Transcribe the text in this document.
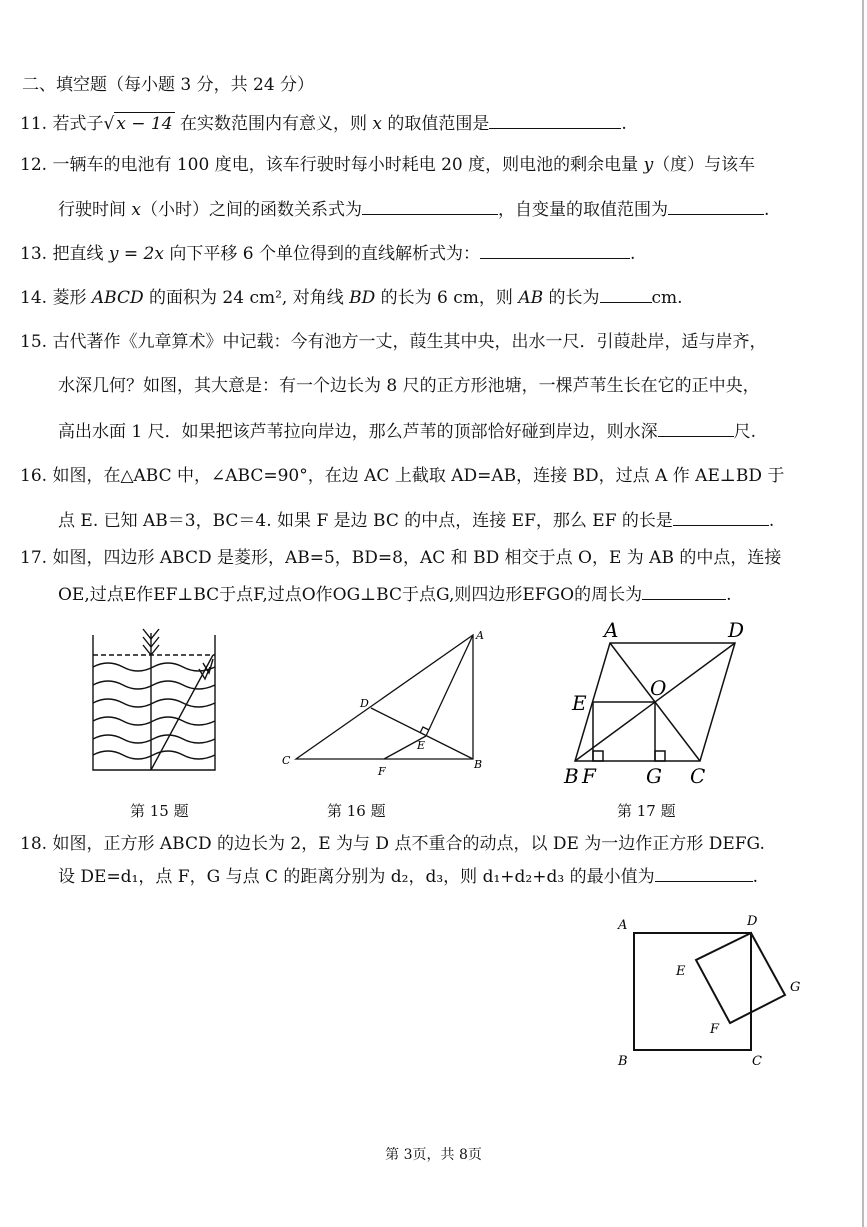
二、填空题（每小题 3 分，共 24 分）
11. 若式子√ x − 14 在实数范围内有意义，则 x 的取值范围是	.
12. 一辆车的电池有 100 度电，该车行驶时每小时耗电 20 度，则电池的剩余电量 y（度）与该车
行驶时间 x（小时）之间的函数关系式为	，自变量的取值范围为	.
13. 把直线 y = 2x 向下平移 6 个单位得到的直线解析式为：	.
14. 菱形 ABCD 的面积为 24 cm², 对角线 BD 的长为 6 cm，则 AB 的长为	cm.
15. 古代著作《九章算术》中记载：今有池方一丈，葭生其中央，出水一尺．引葭赴岸，适与岸齐，
水深几何？如图，其大意是：有一个边长为 8 尺的正方形池塘，一棵芦苇生长在它的正中央，
高出水面 1 尺．如果把该芦苇拉向岸边，那么芦苇的顶部恰好碰到岸边，则水深	尺.
16. 如图，在△ABC 中，∠ABC=90°，在边 AC 上截取 AD=AB，连接 BD，过点 A 作 AE⊥BD 于
点 E. 已知 AB＝3，BC＝4. 如果 F 是边 BC 的中点，连接 EF，那么 EF 的长是	.
17. 如图，四边形 ABCD 是菱形，AB=5，BD=8，AC 和 BD 相交于点 O，E 为 AB 的中点，连接
OE,过点E作EF⊥BC于点F,过点O作OG⊥BC于点G,则四边形EFGO的周长为	.
第 15 题
A
B
C
D
E
F
第 16 题
A	D
E
O
B F	G C
第 17 题
18. 如图，正方形 ABCD 的边长为 2，E 为与 D 点不重合的动点，以 DE 为一边作正方形 DEFG.
设 DE=d₁，点 F，G 与点 C 的距离分别为 d₂，d₃，则 d₁+d₂+d₃ 的最小值为	.
A	D
E
G
F
B	C
第 3页，共 8页
